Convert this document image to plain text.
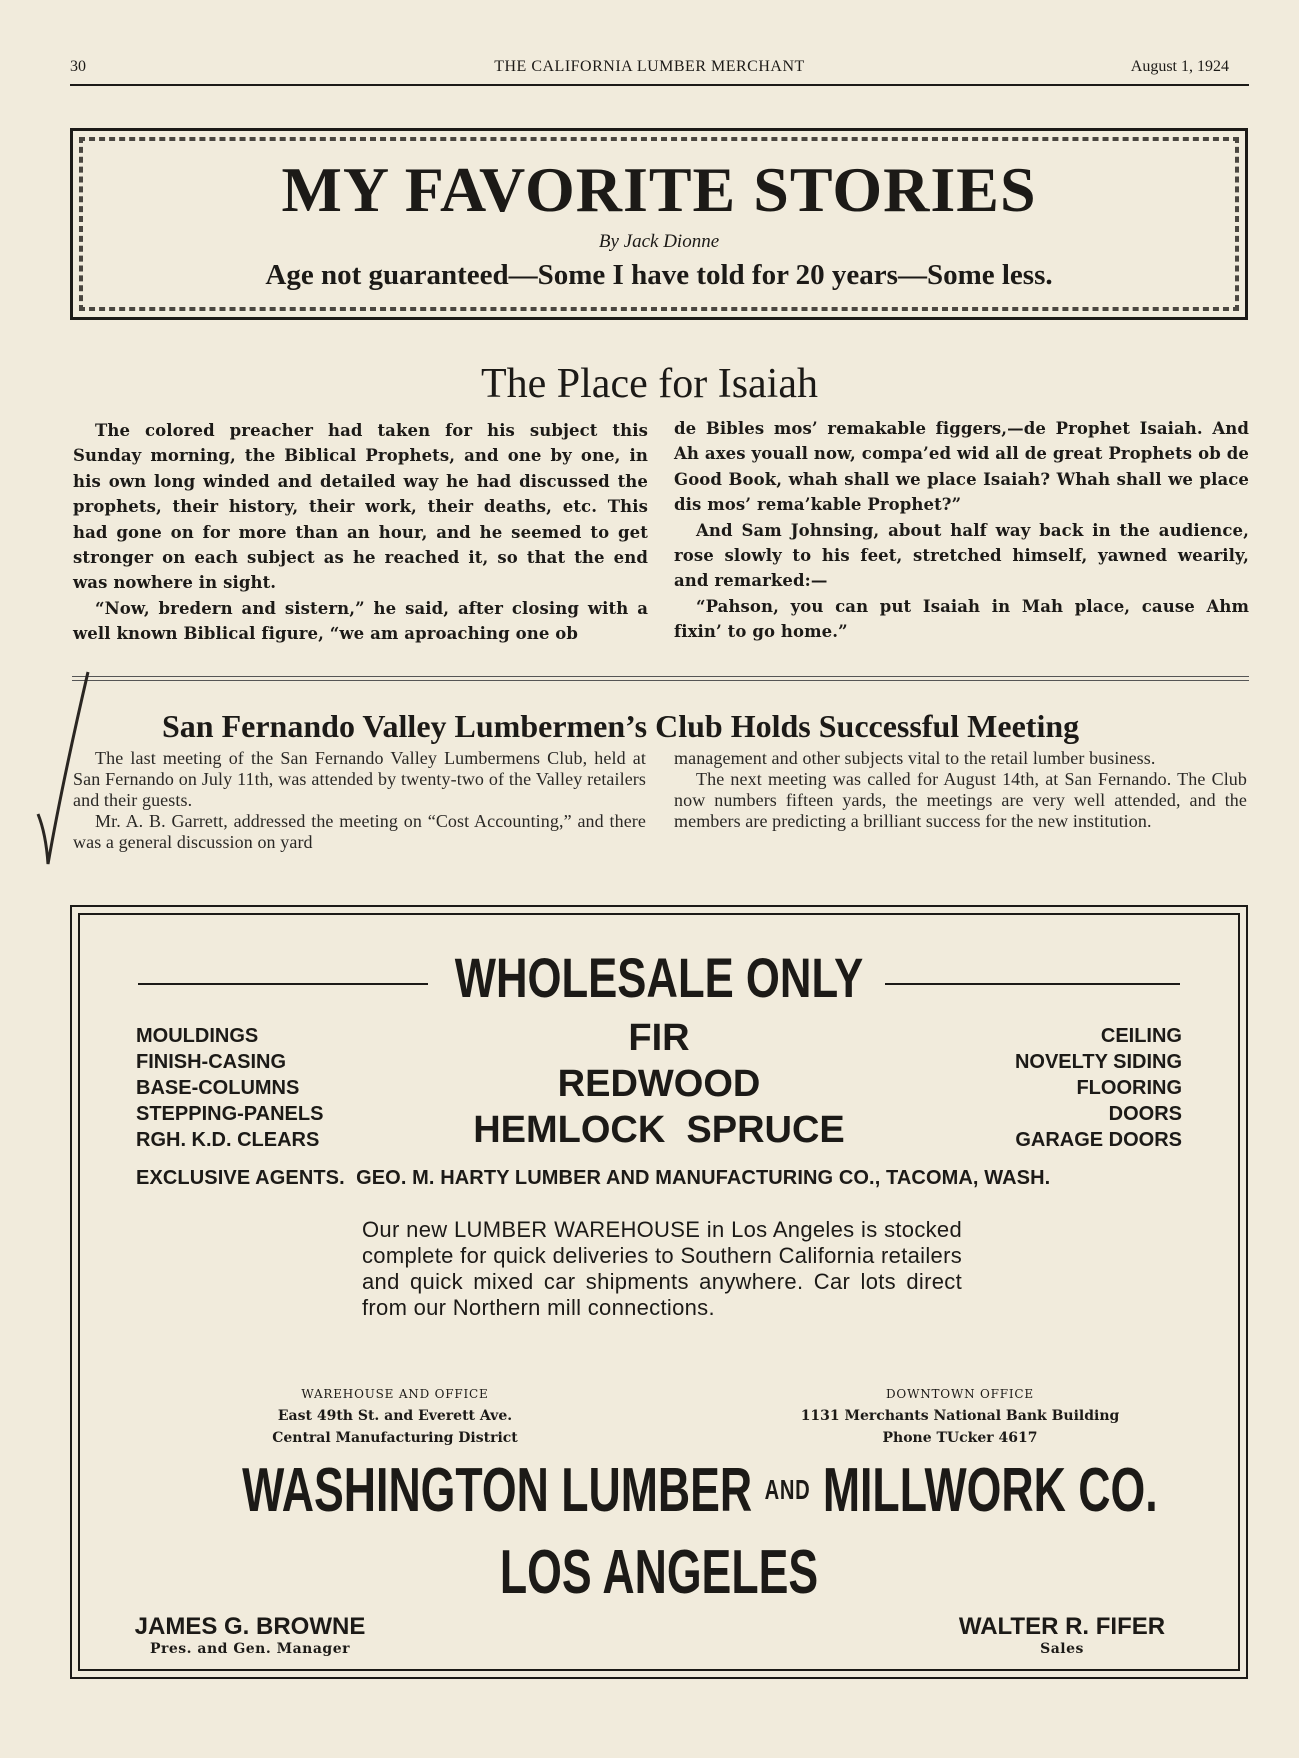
30	THE CALIFORNIA LUMBER MERCHANT	August 1, 1924
MY FAVORITE STORIES
By Jack Dionne
Age not guaranteed—Some I have told for 20 years—Some less.
The Place for Isaiah

The colored preacher had taken for his subject this Sunday morning, the Biblical Prophets, and one by one, in his own long winded and detailed way he had discussed the prophets, their history, their work, their deaths, etc. This had gone on for more than an hour, and he seemed to get stronger on each subject as he reached it, so that the end was nowhere in sight.

“Now, bredern and sistern,” he said, after closing with a well known Biblical figure, “we am aproaching one ob

de Bibles mos’ remakable figgers,—de Prophet Isaiah. And Ah axes youall now, compa’ed wid all de great Prophets ob de Good Book, whah shall we place Isaiah? Whah shall we place dis mos’ rema’kable Prophet?”

And Sam Johnsing, about half way back in the audience, rose slowly to his feet, stretched himself, yawned wearily, and remarked:—

“Pahson, you can put Isaiah in Mah place, cause Ahm fixin’ to go home.”

San Fernando Valley Lumbermen’s Club Holds Successful Meeting

The last meeting of the San Fernando Valley Lumbermens Club, held at San Fernando on July 11th, was attended by twenty-two of the Valley retailers and their guests.

Mr. A. B. Garrett, addressed the meeting on “Cost Accounting,” and there was a general discussion on yard

management and other subjects vital to the retail lumber business.

The next meeting was called for August 14th, at San Fernando. The Club now numbers fifteen yards, the meetings are very well attended, and the members are predicting a brilliant success for the new institution.

WHOLESALE ONLY
MOULDINGS
FINISH-CASING
BASE-COLUMNS
STEPPING-PANELS
RGH. K.D. CLEARS
FIR
REDWOOD
HEMLOCK  SPRUCE
CEILING
NOVELTY SIDING
FLOORING
DOORS
GARAGE DOORS
EXCLUSIVE AGENTS.  GEO. M. HARTY LUMBER AND MANUFACTURING CO., TACOMA, WASH.
Our new LUMBER WAREHOUSE in Los Angeles is stocked complete for quick deliveries to Southern California retailers and quick mixed car shipments anywhere. Car lots direct from our Northern mill connections.
WAREHOUSE AND OFFICE
East 49th St. and Everett Ave.
Central Manufacturing District
DOWNTOWN OFFICE
1131 Merchants National Bank Building
Phone TUcker 4617
WASHINGTON LUMBER AND MILLWORK CO.
LOS ANGELES
JAMES G. BROWNE
Pres. and Gen. Manager
WALTER R. FIFER
Sales
